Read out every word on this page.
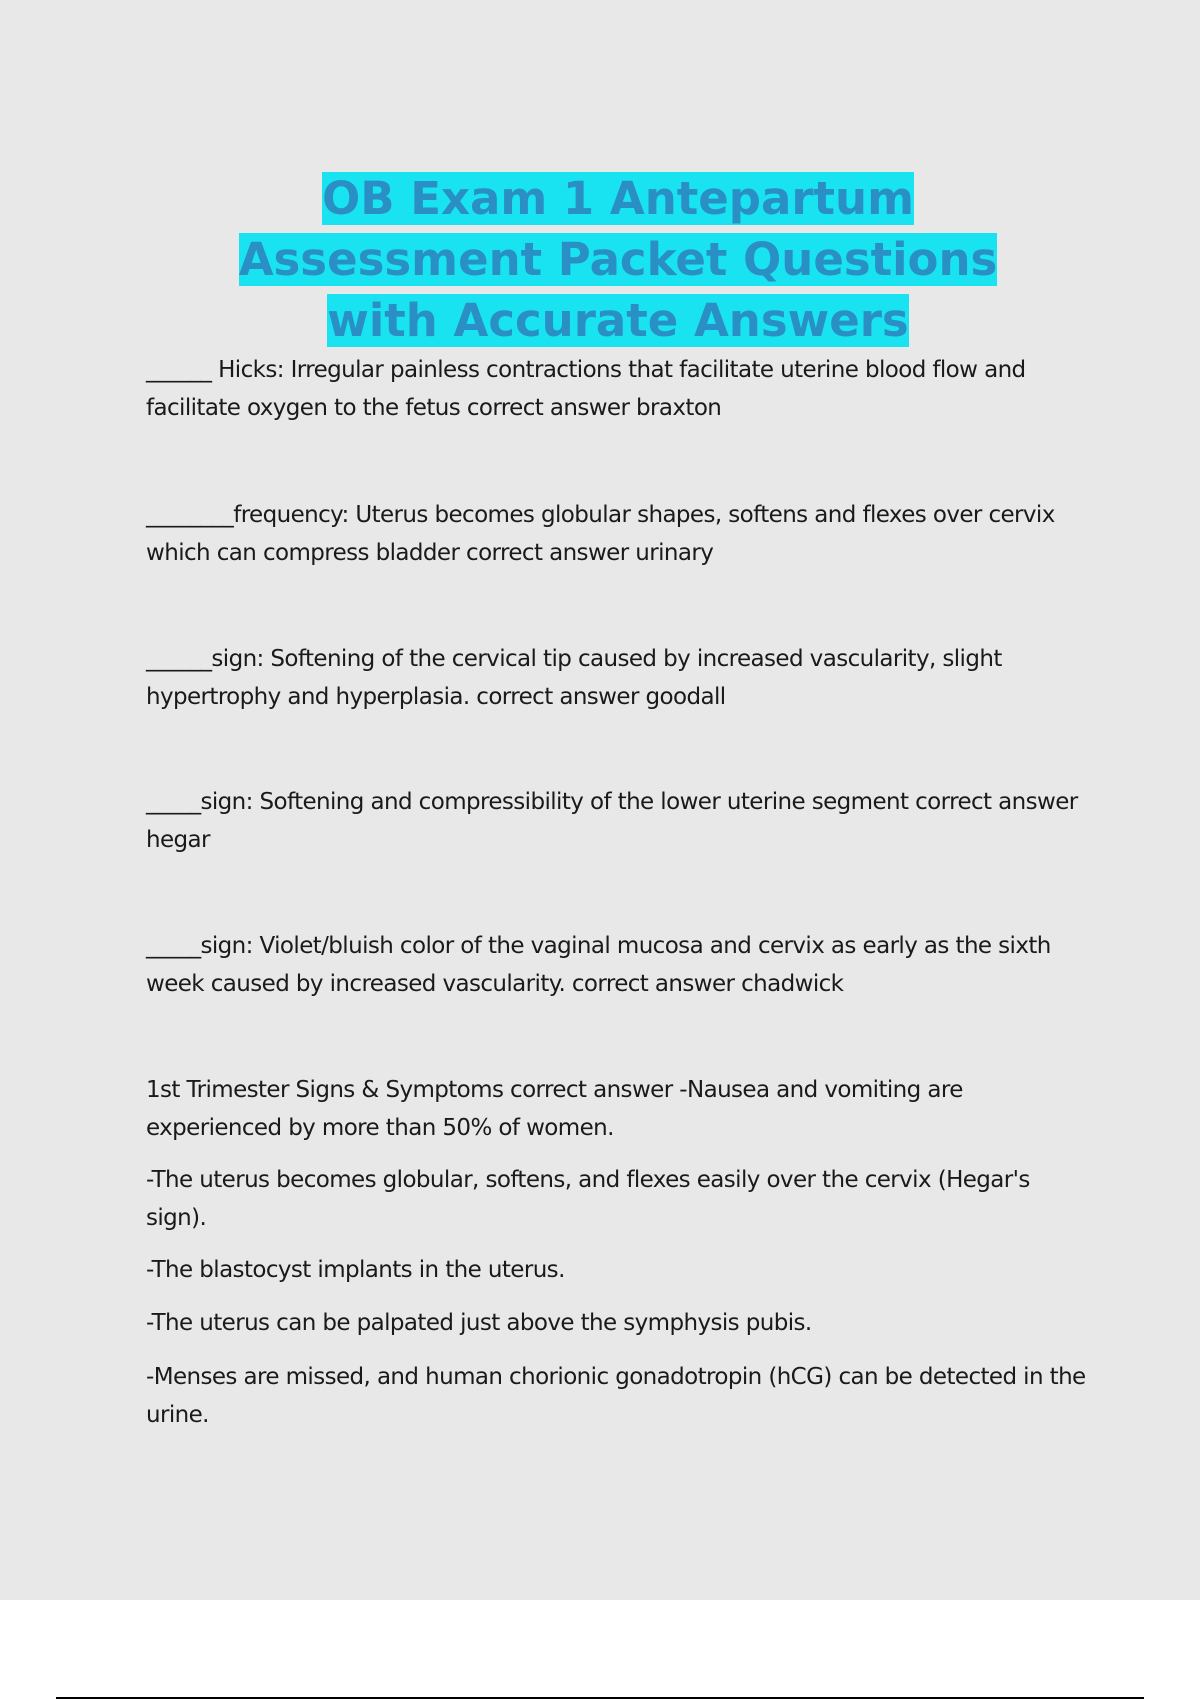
OB Exam 1 Antepartum
Assessment Packet Questions
with Accurate Answers

______ Hicks: Irregular painless contractions that facilitate uterine blood flow and facilitate oxygen to the fetus correct answer braxton

________frequency: Uterus becomes globular shapes, softens and flexes over cervix which can compress bladder correct answer urinary

______sign: Softening of the cervical tip caused by increased vascularity, slight hypertrophy and hyperplasia. correct answer goodall

_____sign: Softening and compressibility of the lower uterine segment correct answer hegar

_____sign: Violet/bluish color of the vaginal mucosa and cervix as early as the sixth week caused by increased vascularity. correct answer chadwick

1st Trimester Signs & Symptoms correct answer -Nausea and vomiting are experienced by more than 50% of women.

-The uterus becomes globular, softens, and flexes easily over the cervix (Hegar's sign).

-The blastocyst implants in the uterus.

-The uterus can be palpated just above the symphysis pubis.

-Menses are missed, and human chorionic gonadotropin (hCG) can be detected in the urine.
